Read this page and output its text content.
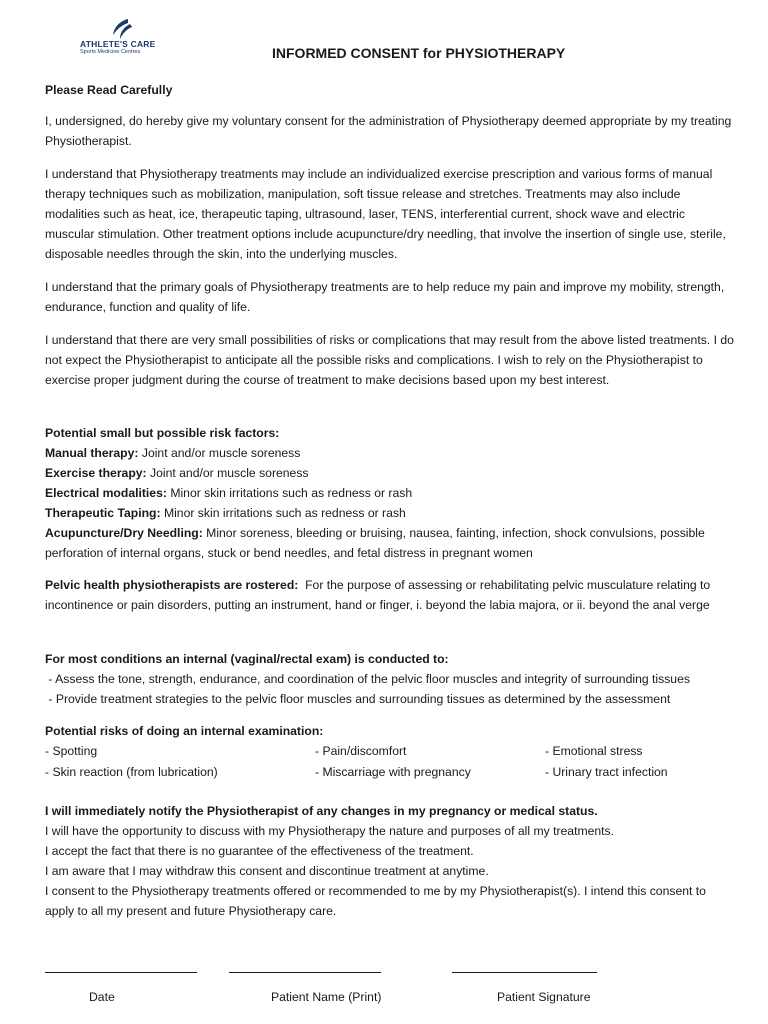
ATHLETE'S CARE
Sports Medicine Centres	INFORMED CONSENT for PHYSIOTHERAPY
Please Read Carefully

I, undersigned, do hereby give my voluntary consent for the administration of Physiotherapy deemed appropriate by my treating Physiotherapist.

I understand that Physiotherapy treatments may include an individualized exercise prescription and various forms of manual therapy techniques such as mobilization, manipulation, soft tissue release and stretches. Treatments may also include modalities such as heat, ice, therapeutic taping, ultrasound, laser, TENS, interferential current, shock wave and electric muscular stimulation. Other treatment options include acupuncture/dry needling, that involve the insertion of single use, sterile, disposable needles through the skin, into the underlying muscles.

I understand that the primary goals of Physiotherapy treatments are to help reduce my pain and improve my mobility, strength, endurance, function and quality of life.

I understand that there are very small possibilities of risks or complications that may result from the above listed treatments. I do not expect the Physiotherapist to anticipate all the possible risks and complications. I wish to rely on the Physiotherapist to exercise proper judgment during the course of treatment to make decisions based upon my best interest.

Potential small but possible risk factors:
Manual therapy: Joint and/or muscle soreness
Exercise therapy: Joint and/or muscle soreness
Electrical modalities: Minor skin irritations such as redness or rash
Therapeutic Taping: Minor skin irritations such as redness or rash
Acupuncture/Dry Needling: Minor soreness, bleeding or bruising, nausea, fainting, infection, shock convulsions, possible perforation of internal organs, stuck or bend needles, and fetal distress in pregnant women

Pelvic health physiotherapists are rostered:  For the purpose of assessing or rehabilitating pelvic musculature relating to incontinence or pain disorders, putting an instrument, hand or finger, i. beyond the labia majora, or ii. beyond the anal verge

For most conditions an internal (vaginal/rectal exam) is conducted to:
- Assess the tone, strength, endurance, and coordination of the pelvic floor muscles and integrity of surrounding tissues
- Provide treatment strategies to the pelvic floor muscles and surrounding tissues as determined by the assessment
Potential risks of doing an internal examination:
- Spotting	- Pain/discomfort	- Emotional stress
- Skin reaction (from lubrication)	- Miscarriage with pregnancy	- Urinary tract infection
I will immediately notify the Physiotherapist of any changes in my pregnancy or medical status.
I will have the opportunity to discuss with my Physiotherapy the nature and purposes of all my treatments.
I accept the fact that there is no guarantee of the effectiveness of the treatment.
I am aware that I may withdraw this consent and discontinue treatment at anytime.
I consent to the Physiotherapy treatments offered or recommended to me by my Physiotherapist(s). I intend this consent to apply to all my present and future Physiotherapy care.
Date	Patient Name (Print)	Patient Signature
